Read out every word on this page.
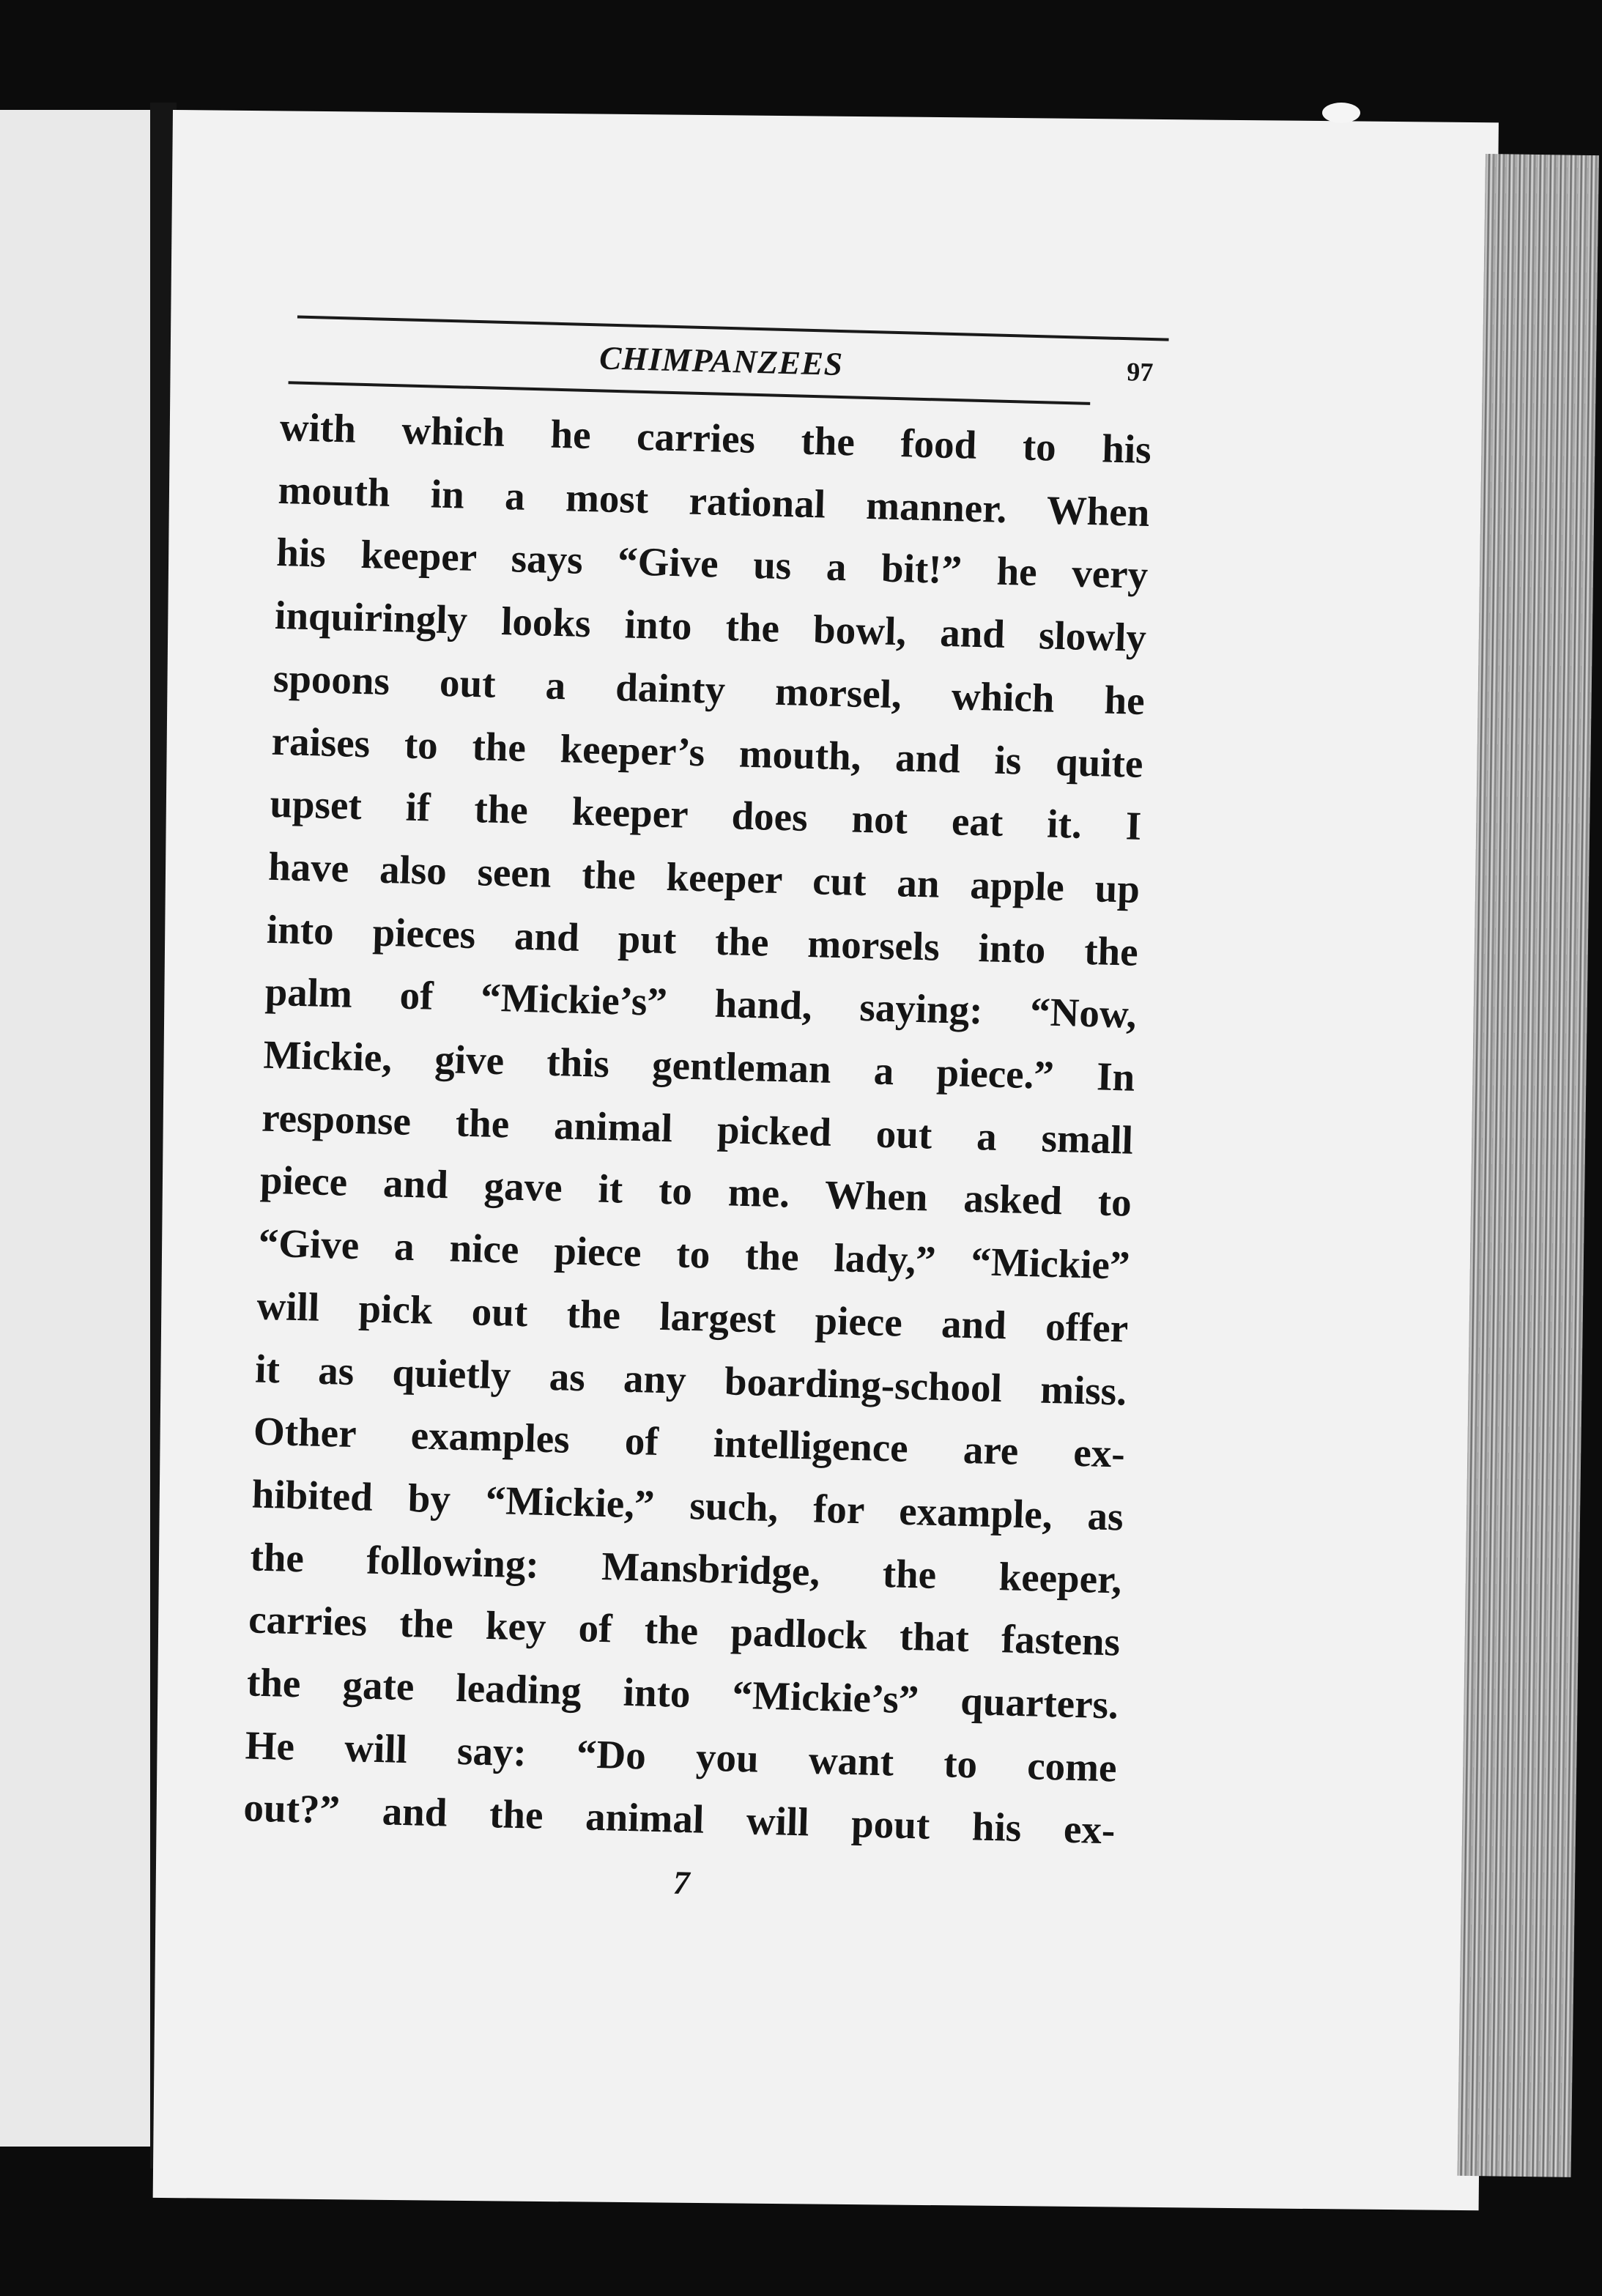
CHIMPANZEES	97
with which he carries the food to his
mouth in a most rational manner. When
his keeper says “Give us a bit!” he very
inquiringly looks into the bowl, and slowly
spoons out a dainty morsel, which he
raises to the keeper’s mouth, and is quite
upset if the keeper does not eat it. I
have also seen the keeper cut an apple up
into pieces and put the morsels into the
palm of “Mickie’s” hand, saying: “Now,
Mickie, give this gentleman a piece.” In
response the animal picked out a small
piece and gave it to me. When asked to
“Give a nice piece to the lady,” “Mickie”
will pick out the largest piece and offer
it as quietly as any boarding-school miss.
Other examples of intelligence are ex-
hibited by “Mickie,” such, for example, as
the following: Mansbridge, the keeper,
carries the key of the padlock that fastens
the gate leading into “Mickie’s” quarters.
He will say: “Do you want to come
out?” and the animal will pout his ex-
7
